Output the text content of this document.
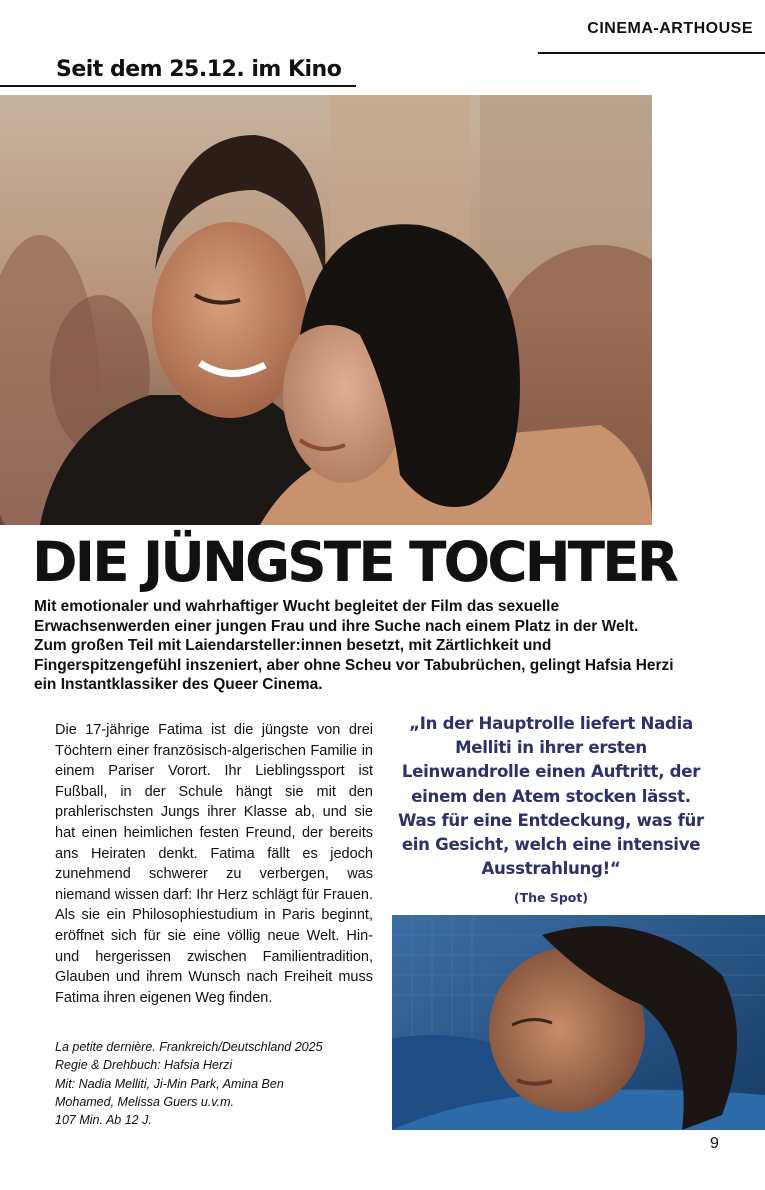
CINEMA-ARTHOUSE
Seit dem 25.12. im Kino
DIE JÜNGSTE TOCHTER
Mit emotionaler und wahrhaftiger Wucht begleitet der Film das sexuelle Erwachsenwerden einer jungen Frau und ihre Suche nach einem Platz in der Welt. Zum großen Teil mit Laiendarsteller:innen besetzt, mit Zärtlichkeit und Fingerspitzengefühl inszeniert, aber ohne Scheu vor Tabubrüchen, gelingt Hafsia Herzi ein Instantklassiker des Queer Cinema.
Die 17-jährige Fatima ist die jüngste von drei Töchtern einer französisch-algerischen Familie in einem Pariser Vorort. Ihr Lieblingssport ist Fußball, in der Schule hängt sie mit den prahlerischsten Jungs ihrer Klasse ab, und sie hat einen heimlichen festen Freund, der bereits ans Heiraten denkt. Fatima fällt es jedoch zunehmend schwerer zu verbergen, was niemand wissen darf: Ihr Herz schlägt für Frauen. Als sie ein Philosophiestudium in Paris beginnt, eröffnet sich für sie eine völlig neue Welt. Hin- und hergerissen zwischen Familientradition, Glauben und ihrem Wunsch nach Freiheit muss Fatima ihren eigenen Weg finden.
La petite dernière. Frankreich/Deutschland 2025
Regie & Drehbuch: Hafsia Herzi
Mit: Nadia Melliti, Ji-Min Park, Amina Ben
Mohamed, Melissa Guers u.v.m.
107 Min. Ab 12 J.
„In der Hauptrolle liefert Nadia Melliti in ihrer ersten Leinwandrolle einen Auftritt, der einem den Atem stocken lässt. Was für eine Entdeckung, was für ein Gesicht, welch eine intensive Ausstrahlung!“
(The Spot)
9
